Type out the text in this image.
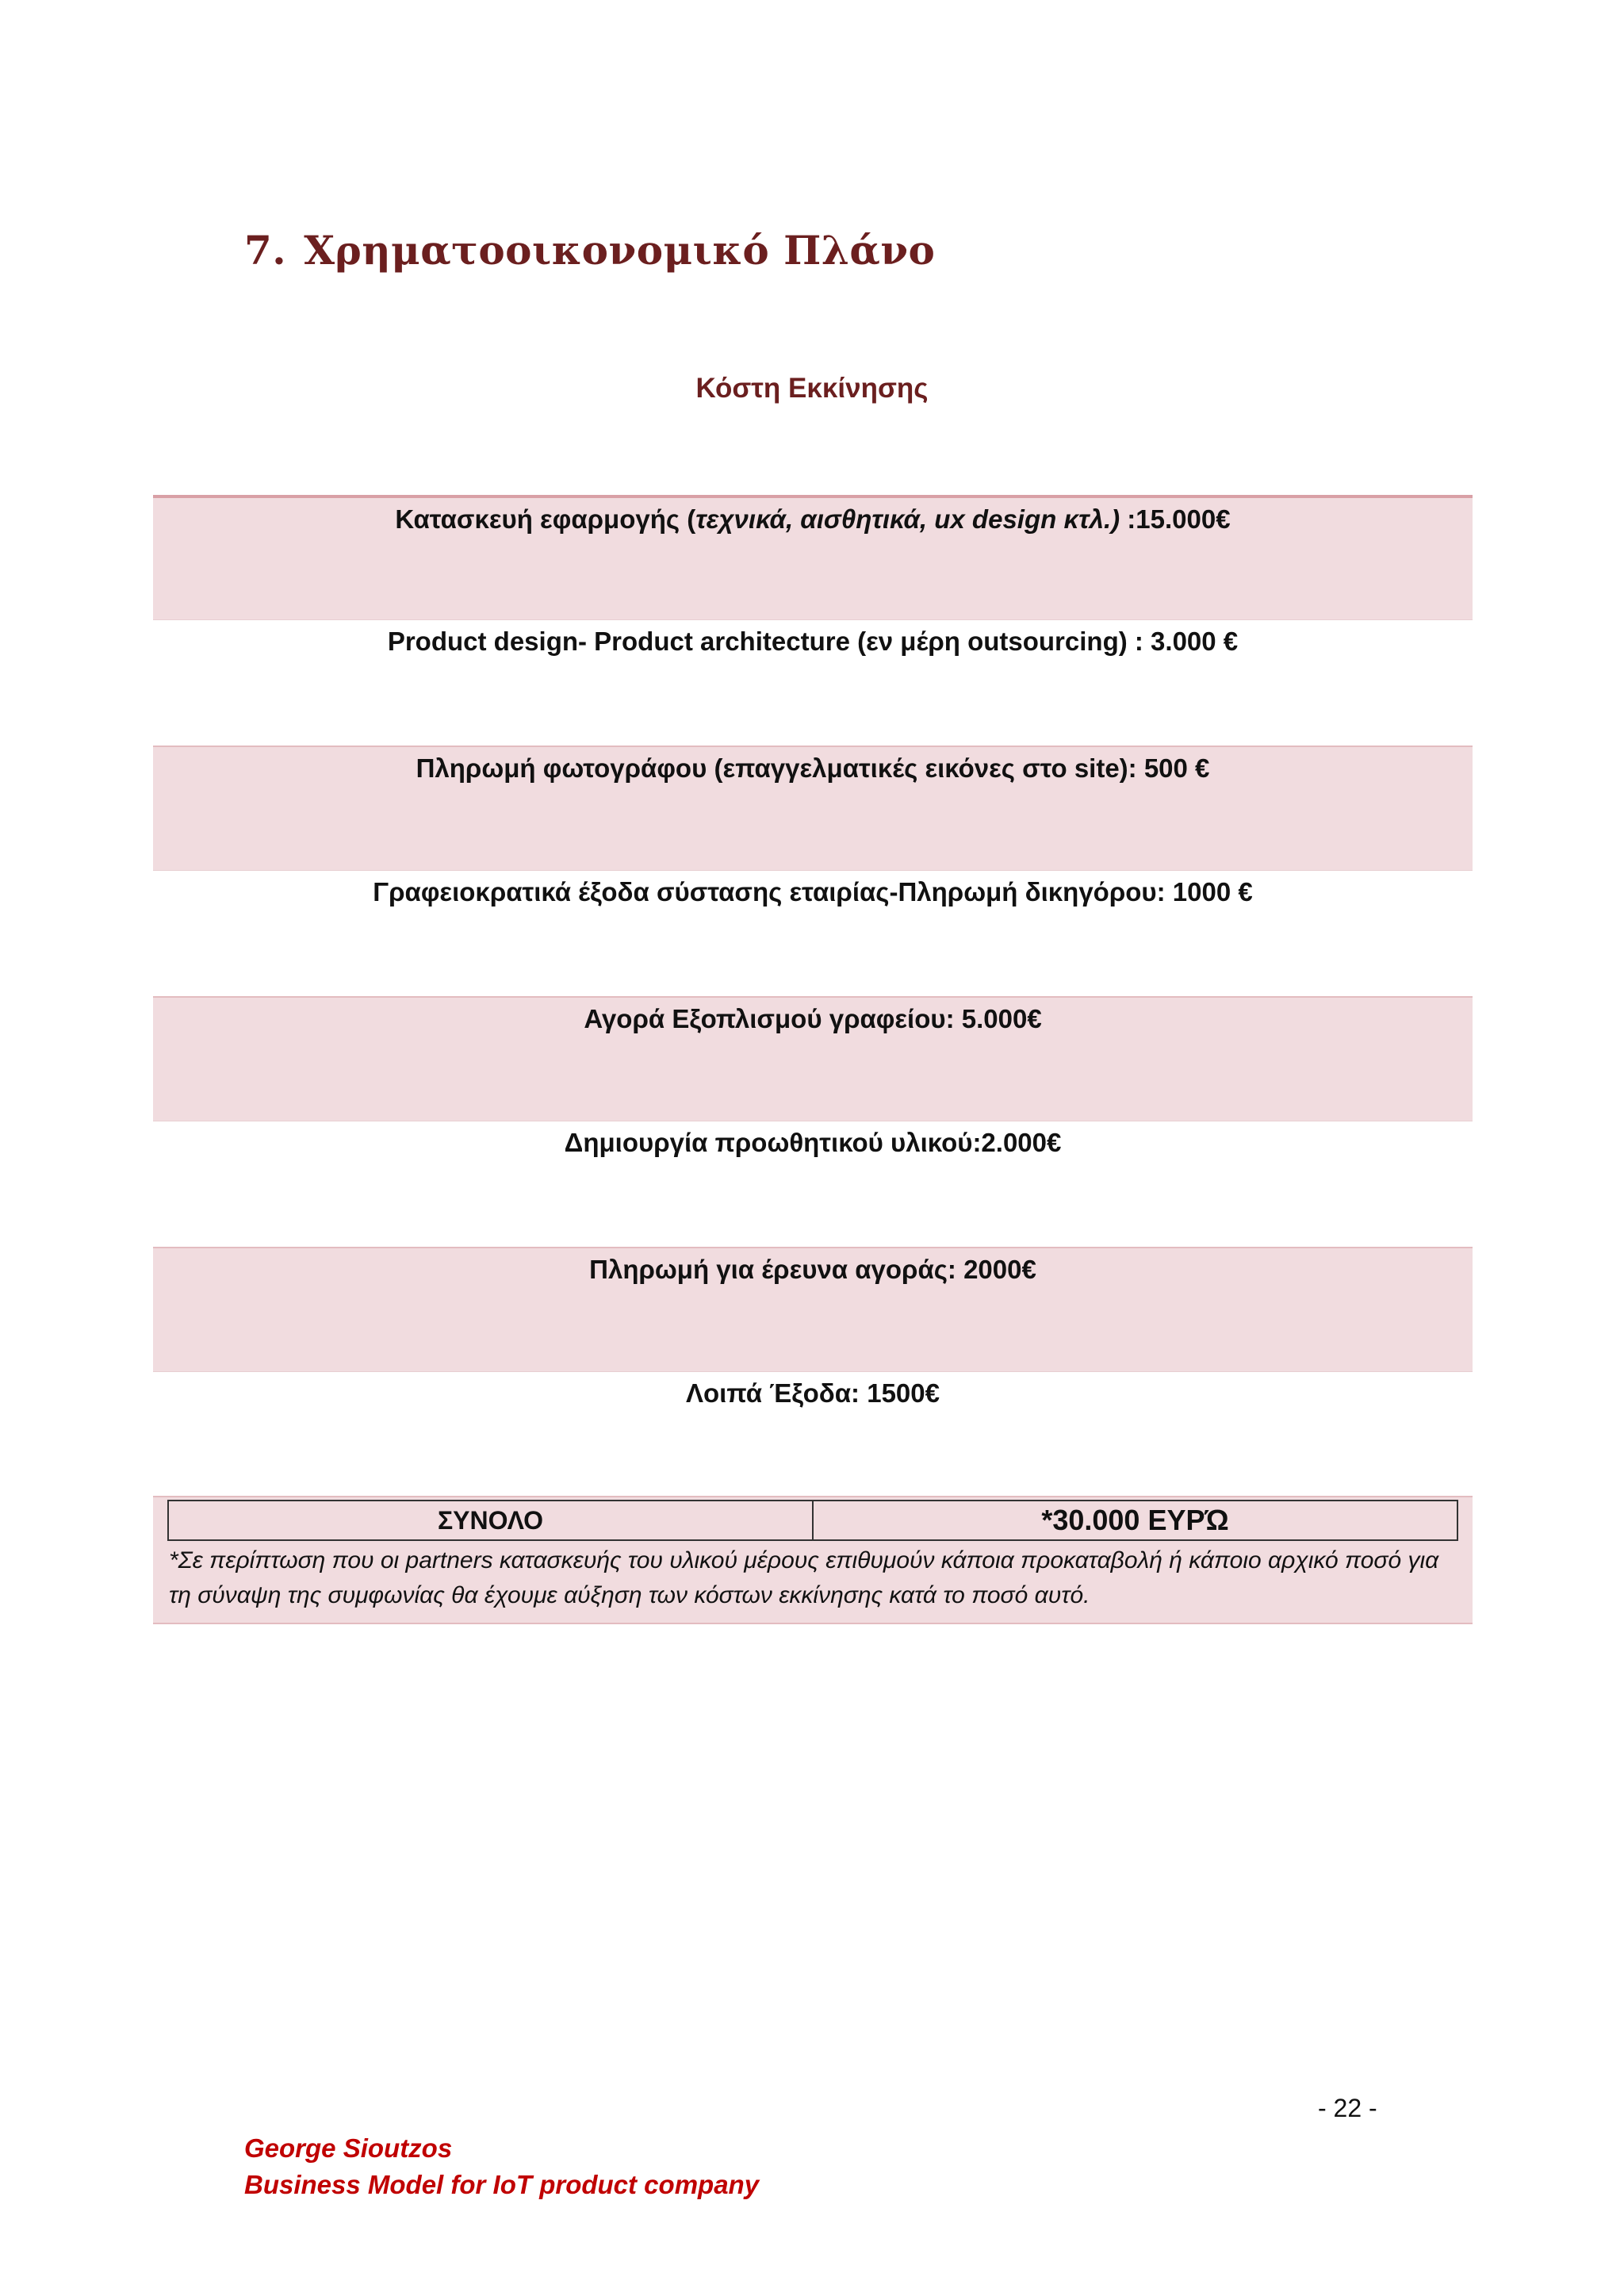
7. Χρηματοοικονομικό Πλάνο
Κόστη Εκκίνησης
Κατασκευή εφαρμογής (τεχνικά, αισθητικά, ux design κτλ.) :15.000€
Product design- Product architecture (εν μέρη outsourcing) : 3.000 €
Πληρωμή φωτογράφου (επαγγελματικές εικόνες στο site): 500 €
Γραφειοκρατικά έξοδα σύστασης εταιρίας-Πληρωμή δικηγόρου: 1000 €
Αγορά Εξοπλισμού γραφείου: 5.000€
Δημιουργία προωθητικού υλικού:2.000€
Πληρωμή για έρευνα αγοράς: 2000€
Λοιπά Έξοδα: 1500€
ΣΥΝΟΛΟ	*30.000 ΕΥΡΏ
*Σε περίπτωση που οι partners κατασκευής του υλικού μέρους επιθυμούν κάποια προκαταβολή ή κάποιο αρχικό ποσό για τη σύναψη της συμφωνίας θα έχουμε αύξηση των κόστων εκκίνησης κατά το ποσό αυτό.
- 22 -
George Sioutzos
Business Model for IoT product company
